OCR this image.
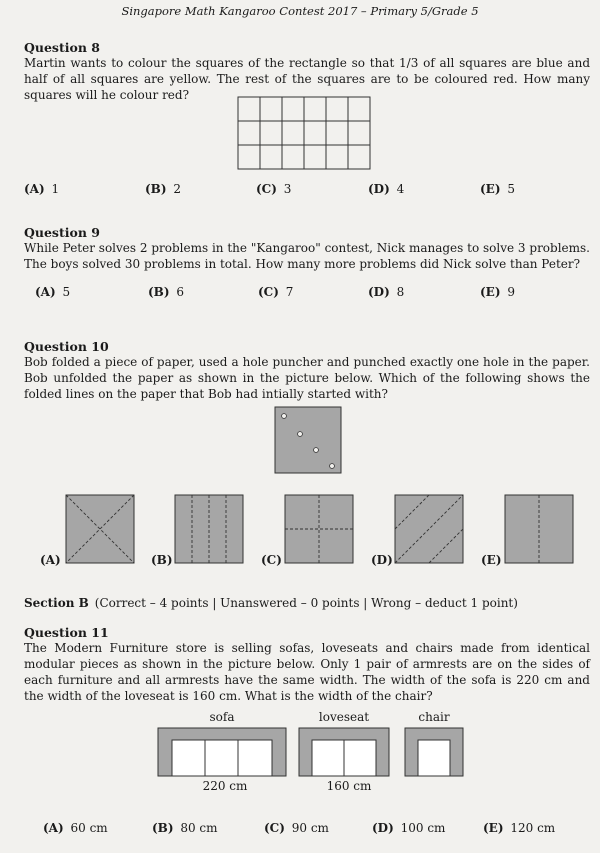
Singapore Math Kangaroo Contest 2017 – Primary 5/Grade 5
Question 8
Martin wants to colour the squares of the rectangle so that 1/3 of all squares are blue and half of all squares are yellow. The rest of the squares are to be coloured red. How many squares will he colour red?
(A) 1	(B) 2	(C) 3	(D) 4	(E) 5
Question 9
While Peter solves 2 problems in the "Kangaroo" contest, Nick manages to solve 3 problems. The boys solved 30 problems in total. How many more problems did Nick solve than Peter?
(A) 5	(B) 6	(C) 7	(D) 8	(E) 9
Question 10
Bob folded a piece of paper, used a hole puncher and punched exactly one hole in the paper. Bob unfolded the paper as shown in the picture below. Which of the following shows the folded lines on the paper that Bob had intially started with?
(A)	(B)	(C)	(D)	(E)
Section B (Correct – 4 points | Unanswered – 0 points | Wrong – deduct 1 point)
Question 11
The Modern Furniture store is selling sofas, loveseats and chairs made from identical modular pieces as shown in the picture below. Only 1 pair of armrests are on the sides of each furniture and all armrests have the same width. The width of the sofa is 220 cm and the width of the loveseat is 160 cm. What is the width of the chair?
(A) 60 cm	(B) 80 cm	(C) 90 cm	(D) 100 cm	(E) 120 cm
sofa	loveseat	chair
220 cm	160 cm
